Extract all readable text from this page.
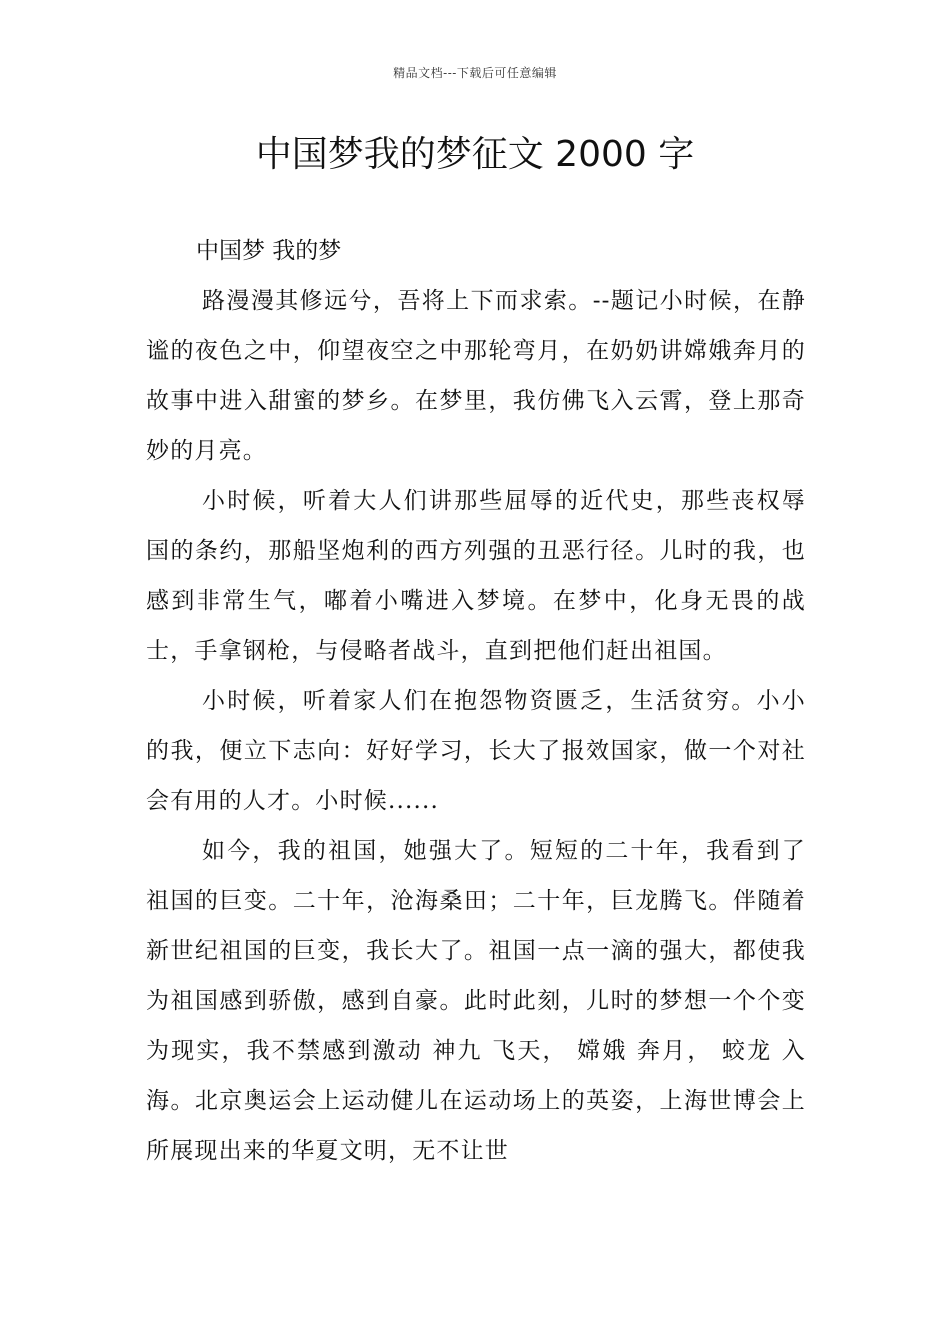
精品文档---下载后可任意编辑
中国梦我的梦征文 2000 字

中国梦 我的梦

路漫漫其修远兮，吾将上下而求索。--题记小时候，在静谧的夜色之中，仰望夜空之中那轮弯月，在奶奶讲嫦娥奔月的故事中进入甜蜜的梦乡。在梦里，我仿佛飞入云霄，登上那奇妙的月亮。

小时候，听着大人们讲那些屈辱的近代史，那些丧权辱国的条约，那船坚炮利的西方列强的丑恶行径。儿时的我，也感到非常生气，嘟着小嘴进入梦境。在梦中，化身无畏的战士，手拿钢枪，与侵略者战斗，直到把他们赶出祖国。

小时候，听着家人们在抱怨物资匮乏，生活贫穷。小小的我，便立下志向：好好学习，长大了报效国家，做一个对社会有用的人才。小时候......

如今，我的祖国，她强大了。短短的二十年，我看到了祖国的巨变。二十年，沧海桑田；二十年，巨龙腾飞。伴随着新世纪祖国的巨变，我长大了。祖国一点一滴的强大，都使我为祖国感到骄傲，感到自豪。此时此刻，儿时的梦想一个个变为现实，我不禁感到激动 神九 飞天， 嫦娥 奔月， 蛟龙 入海。北京奥运会上运动健儿在运动场上的英姿，上海世博会上所展现出来的华夏文明，无不让世
